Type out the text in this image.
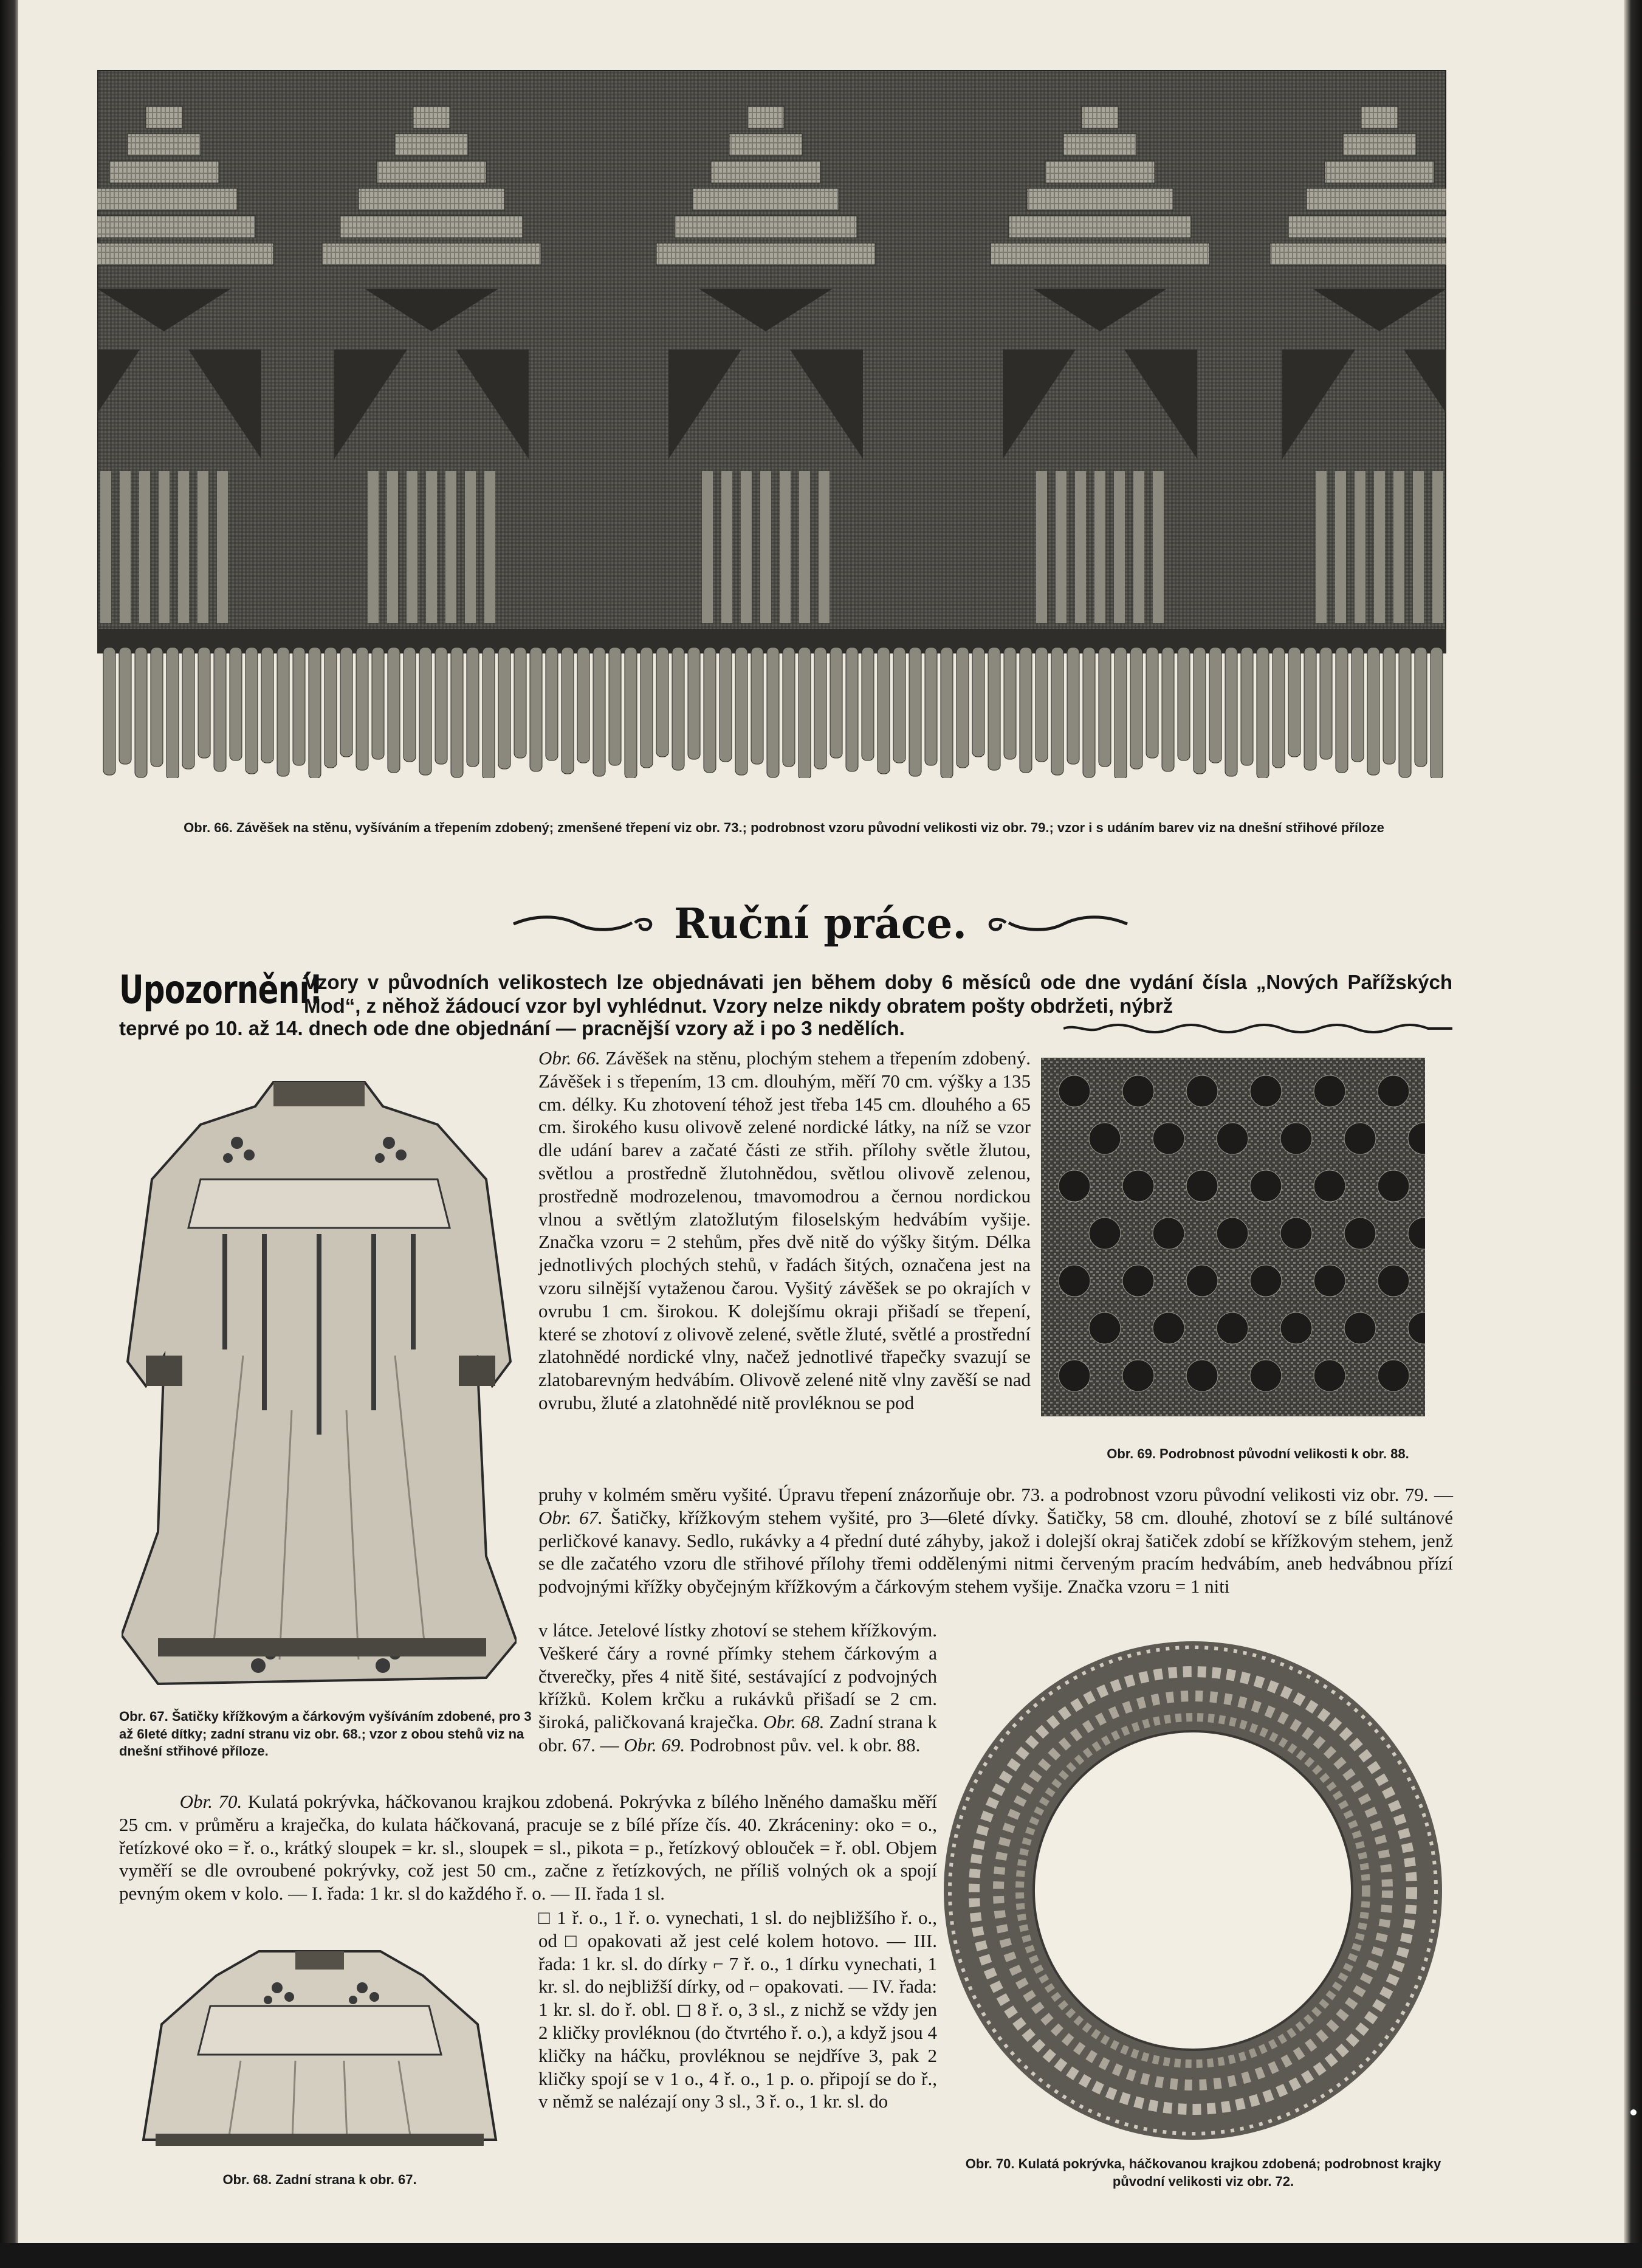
Obr. 66. Závěšek na stěnu, vyšíváním a třepením zdobený; zmenšené třepení viz obr. 73.; podrobnost vzoru původní velikosti viz obr. 79.; vzor i s udáním barev viz na dnešní střihové příloze
Ruční práce.
Upozornění!
Vzory v původních velikostech lze objednávati jen během doby 6 měsíců ode dne vydání čísla „Nových Pařížských Mod“, z něhož žádoucí vzor byl vyhlédnut. Vzory nelze nikdy obratem pošty obdržeti, nýbrž
teprvé po 10. až 14. dnech ode dne objednání — pracnější vzory až i po 3 nedělích.
Obr. 67. Šatičky křížkovým a čárkovým vyšíváním zdobené, pro 3 až 6leté dítky; zadní stranu viz obr. 68.; vzor z obou stehů viz na dnešní střihové příloze.
Obr. 69. Podrobnost původní velikosti k obr. 88.
Obr. 66. Závěšek na stěnu, plochým stehem a třepením zdobený. Závěšek i s třepením, 13 cm. dlouhým, měří 70 cm. výšky a 135 cm. délky. Ku zhotovení téhož jest třeba 145 cm. dlouhého a 65 cm. širokého kusu olivově zelené nordické látky, na níž se vzor dle udání barev a začaté části ze střih. přílohy světle žlutou, světlou a prostředně žlutohnědou, světlou olivově zelenou, prostředně modrozelenou, tmavomodrou a černou nordickou vlnou a světlým zlatožlutým filoselským hedvábím vyšije. Značka vzoru = 2 stehům, přes dvě nitě do výšky šitým. Délka jednotlivých plochých stehů, v řadách šitých, označena jest na vzoru silnější vytaženou čarou. Vyšitý závěšek se po okrajích v ovrubu 1 cm. širokou. K dolejšímu okraji přišadí se třepení, které se zhotoví z olivově zelené, světle žluté, světlé a prostřední zlatohnědé nordické vlny, načež jednotlivé třapečky svazují se zlatobarevným hedvábím. Olivově zelené nitě vlny zavěší se nad ovrubu, žluté a zlatohnědé nitě provléknou se pod
pruhy v kolmém směru vyšité. Úpravu třepení znázorňuje obr. 73. a podrobnost vzoru původní velikosti viz obr. 79. — Obr. 67. Šatičky, křížkovým stehem vyšité, pro 3—6leté dívky. Šatičky, 58 cm. dlouhé, zhotoví se z bílé sultánové perličkové kanavy. Sedlo, rukávky a 4 přední duté záhyby, jakož i dolejší okraj šatiček zdobí se křížkovým stehem, jenž se dle začatého vzoru dle střihové přílohy třemi oddělenými nitmi červeným pracím hedvábím, aneb hedvábnou přízí podvojnými křížky obyčejným křížkovým a čárkovým stehem vyšije. Značka vzoru = 1 niti
v látce. Jetelové lístky zhotoví se stehem křížkovým. Veškeré čáry a rovné přímky stehem čárkovým a čtverečky, přes 4 nitě šité, sestávající z podvojných křížků. Kolem krčku a rukávků přišadí se 2 cm. široká, paličkovaná kraječka. Obr. 68. Zadní strana k obr. 67. — Obr. 69. Podrobnost pův. vel. k obr. 88.
Obr. 70. Kulatá pokrývka, háčkovanou krajkou zdobená. Pokrývka z bílého lněného damašku měří 25 cm. v průměru a kraječka, do kulata háčkovaná, pracuje se z bílé příze čís. 40. Zkráceniny: oko = o., řetízkové oko = ř. o., krátký sloupek = kr. sl., sloupek = sl., pikota = p., řetízkový oblouček = ř. obl. Objem vyměří se dle ovroubené pokrývky, což jest 50 cm., začne z řetízkových, ne příliš volných ok a spojí pevným okem v kolo. — I. řada: 1 kr. sl do každého ř. o. — II. řada 1 sl.
□ 1 ř. o., 1 ř. o. vynechati, 1 sl. do nejbližšího ř. o., od □ opakovati až jest celé kolem hotovo. — III. řada: 1 kr. sl. do dírky ⌐ 7 ř. o., 1 dírku vynechati, 1 kr. sl. do nejbližší dírky, od ⌐ opakovati. — IV. řada: 1 kr. sl. do ř. obl. ◻ 8 ř. o, 3 sl., z nichž se vždy jen 2 kličky provléknou (do čtvrtého ř. o.), a když jsou 4 kličky na háčku, provléknou se nejdříve 3, pak 2 kličky spojí se v 1 o., 4 ř. o., 1 p. o. připojí se do ř., v němž se nalézají ony 3 sl., 3 ř. o., 1 kr. sl. do
Obr. 70. Kulatá pokrývka, háčkovanou krajkou zdobená; podrobnost krajky původní velikosti viz obr. 72.
Obr. 68. Zadní strana k obr. 67.
